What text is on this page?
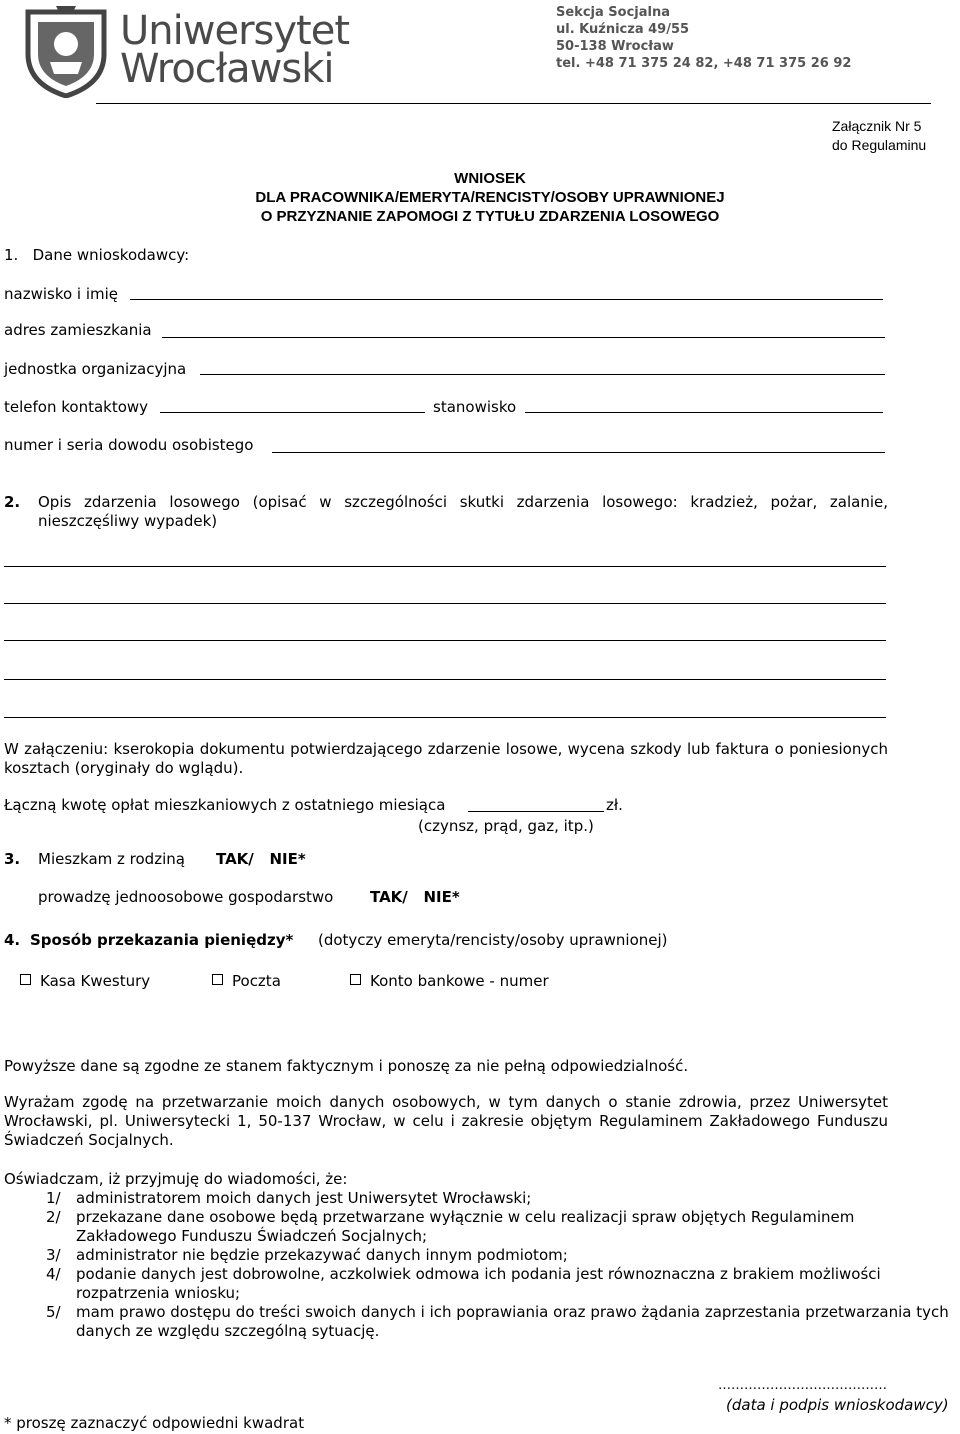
Uniwersytet
Wrocławski
Sekcja Socjalna
ul. Kuźnicza 49/55
50-138 Wrocław
tel. +48 71 375 24 82, +48 71 375 26 92
Załącznik Nr 5
do Regulaminu
WNIOSEK
DLA PRACOWNIKA/EMERYTA/RENCISTY/OSOBY UPRAWNIONEJ
O PRZYZNANIE ZAPOMOGI Z TYTUŁU ZDARZENIA LOSOWEGO
1. Dane wnioskodawcy:
nazwisko i imię
adres zamieszkania
jednostka organizacyjna
telefon kontaktowy	stanowisko
numer i seria dowodu osobistego
2.	Opis zdarzenia losowego (opisać w szczególności skutki zdarzenia losowego: kradzież, pożar, zalanie, nieszczęśliwy wypadek)
W załączeniu: kserokopia dokumentu potwierdzającego zdarzenie losowe, wycena szkody lub faktura o poniesionych kosztach (oryginały do wglądu).
Łączną kwotę opłat mieszkaniowych z ostatniego miesiąca	zł.
(czynsz, prąd, gaz, itp.)
3. Mieszkam z rodziną TAK/   NIE*
prowadzę jednoosobowe gospodarstwo TAK/   NIE*
4. Sposób przekazania pieniędzy* (dotyczy emeryta/rencisty/osoby uprawnionej)
Kasa Kwestury	Poczta	Konto bankowe - numer
Powyższe dane są zgodne ze stanem faktycznym i ponoszę za nie pełną odpowiedzialność.
Wyrażam zgodę na przetwarzanie moich danych osobowych, w tym danych o stanie zdrowia, przez Uniwersytet Wrocławski, pl. Uniwersytecki 1, 50-137 Wrocław, w celu i zakresie objętym Regulaminem Zakładowego Funduszu Świadczeń Socjalnych.
Oświadczam, iż przyjmuję do wiadomości, że:
1/ administratorem moich danych jest Uniwersytet Wrocławski;
2/ przekazane dane osobowe będą przetwarzane wyłącznie w celu realizacji spraw objętych Regulaminem Zakładowego Funduszu Świadczeń Socjalnych;
3/ administrator nie będzie przekazywać danych innym podmiotom;
4/ podanie danych jest dobrowolne, aczkolwiek odmowa ich podania jest równoznaczna z brakiem możliwości rozpatrzenia wniosku;
5/ mam prawo dostępu do treści swoich danych i ich poprawiania oraz prawo żądania zaprzestania przetwarzania tych danych ze względu szczególną sytuację.
…………………………………
(data i podpis wnioskodawcy)
* proszę zaznaczyć odpowiedni kwadrat
